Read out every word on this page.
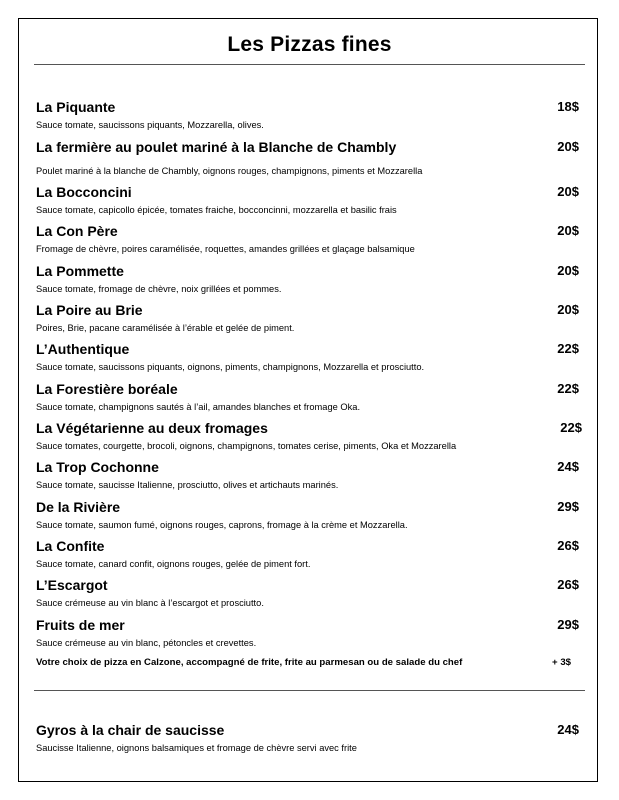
Les Pizzas fines
La Piquante	18$
Sauce tomate, saucissons piquants, Mozzarella, olives.
La fermière au poulet mariné à la Blanche de Chambly	20$
Poulet mariné à la blanche de Chambly, oignons rouges, champignons, piments et Mozzarella
La Bocconcini	20$
Sauce tomate, capicollo épicée, tomates fraiche, bocconcinni, mozzarella et basilic frais
La Con Père	20$
Fromage de chèvre, poires caramélisée, roquettes, amandes grillées et glaçage balsamique
La Pommette	20$
Sauce tomate, fromage de chèvre, noix grillées et pommes.
La Poire au Brie	20$
Poires, Brie, pacane caramélisée à l’érable et gelée de piment.
L’Authentique	22$
Sauce tomate, saucissons piquants, oignons, piments, champignons, Mozzarella et prosciutto.
La Forestière boréale	22$
Sauce tomate, champignons sautés à l’ail, amandes blanches et fromage Oka.
La Végétarienne au deux fromages	22$
Sauce tomates, courgette, brocoli, oignons, champignons, tomates cerise, piments, Oka et Mozzarella
La Trop Cochonne	24$
Sauce tomate, saucisse Italienne, prosciutto, olives et artichauts marinés.
De la Rivière	29$
Sauce tomate, saumon fumé, oignons rouges, caprons, fromage à la crème et Mozzarella.
La Confite	26$
Sauce tomate, canard confit, oignons rouges, gelée de piment fort.
L’Escargot	26$
Sauce crémeuse au vin blanc à l’escargot et prosciutto.
Fruits de mer	29$
Sauce crémeuse au vin blanc, pétoncles et crevettes.
Votre choix de pizza en Calzone, accompagné de frite, frite au parmesan ou de salade du chef	+ 3$
Gyros à la chair de saucisse	24$
Saucisse Italienne, oignons balsamiques et fromage de chèvre servi avec frite
